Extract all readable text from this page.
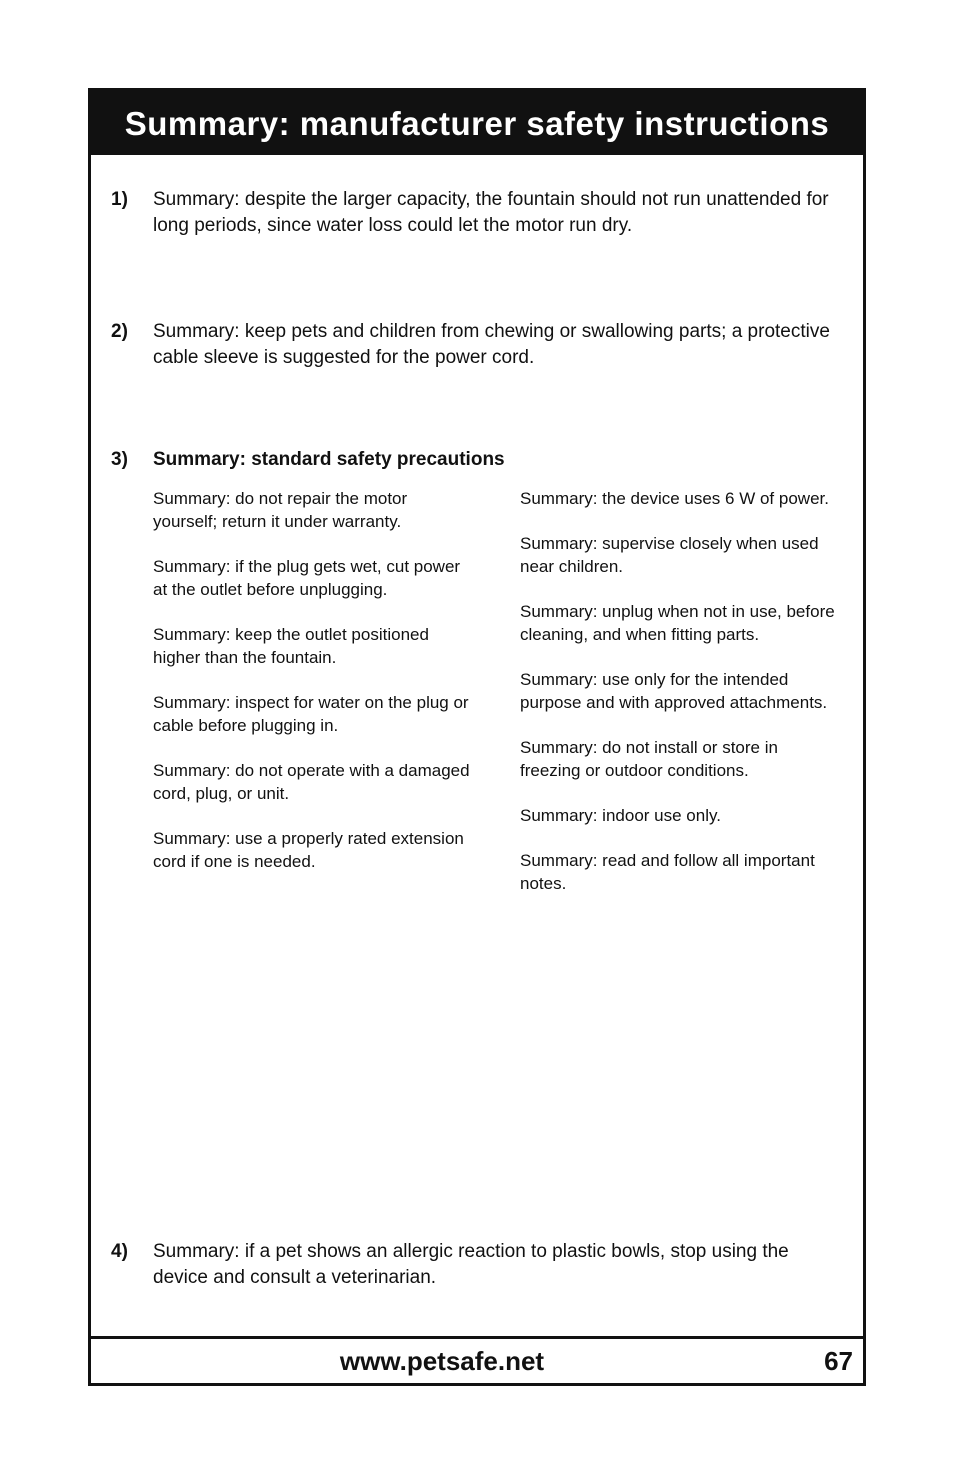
Summary: manufacturer safety instructions
1)	Summary: despite the larger capacity, the fountain should not run unattended for long periods, since water loss could let the motor run dry.
2)	Summary: keep pets and children from chewing or swallowing parts; a protective cable sleeve is suggested for the power cord.
3)	Summary: standard safety precautions

Summary: do not repair the motor yourself; return it under warranty.

Summary: if the plug gets wet, cut power at the outlet before unplugging.

Summary: keep the outlet positioned higher than the fountain.

Summary: inspect for water on the plug or cable before plugging in.

Summary: do not operate with a damaged cord, plug, or unit.

Summary: use a properly rated extension cord if one is needed.

Summary: the device uses 6 W of power.

Summary: supervise closely when used near children.

Summary: unplug when not in use, before cleaning, and when fitting parts.

Summary: use only for the intended purpose and with approved attachments.

Summary: do not install or store in freezing or outdoor conditions.

Summary: indoor use only.

Summary: read and follow all important notes.

4)	Summary: if a pet shows an allergic reaction to plastic bowls, stop using the device and consult a veterinarian.
www.petsafe.net	67
